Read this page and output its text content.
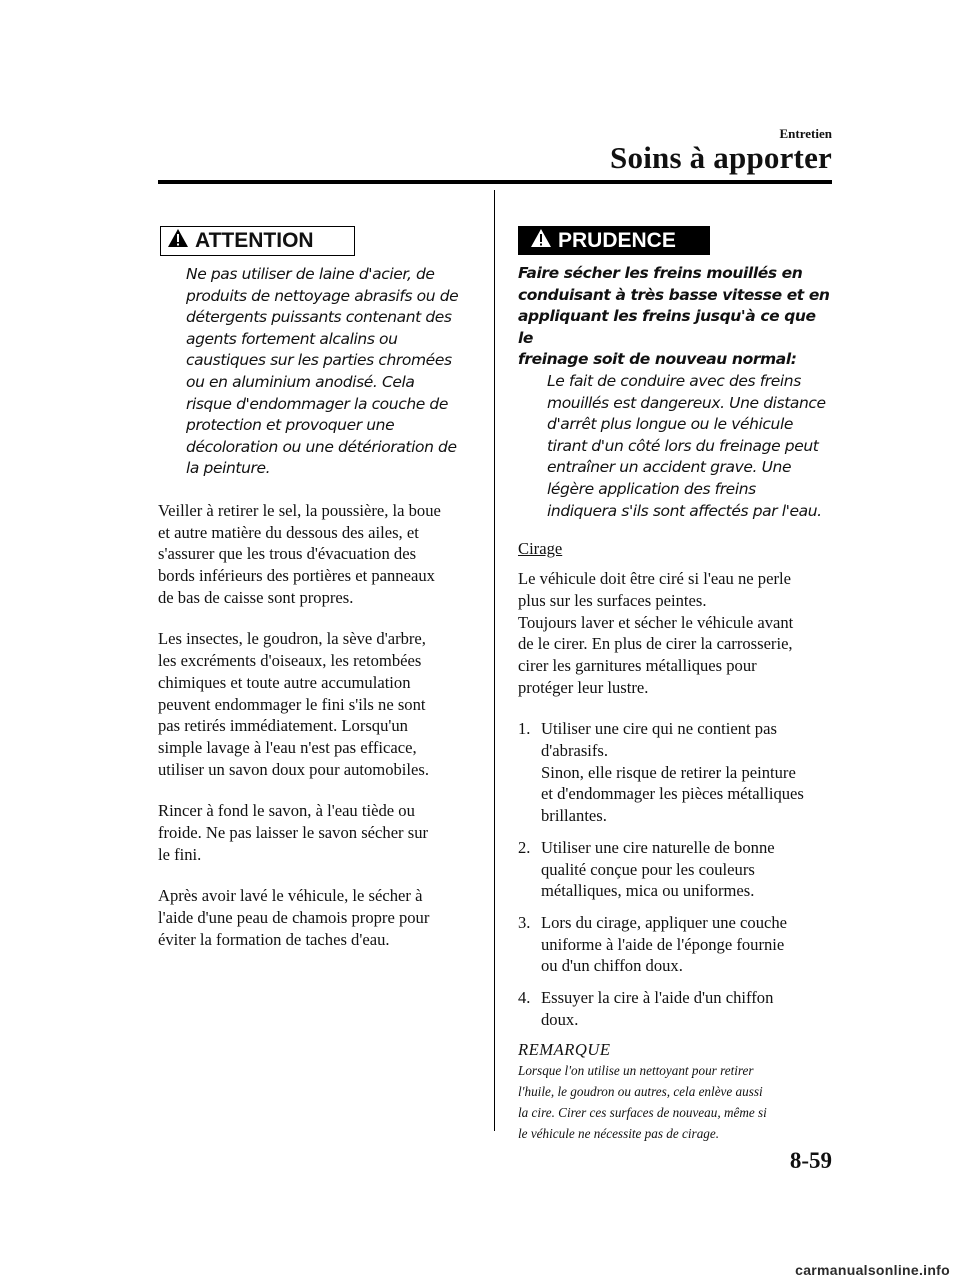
Entretien
Soins à apporter
ATTENTION
Ne pas utiliser de laine d'acier, de
produits de nettoyage abrasifs ou de
détergents puissants contenant des
agents fortement alcalins ou
caustiques sur les parties chromées
ou en aluminium anodisé. Cela
risque d'endommager la couche de
protection et provoquer une
décoloration ou une détérioration de
la peinture.
Veiller à retirer le sel, la poussière, la boue
et autre matière du dessous des ailes, et
s'assurer que les trous d'évacuation des
bords inférieurs des portières et panneaux
de bas de caisse sont propres.
Les insectes, le goudron, la sève d'arbre,
les excréments d'oiseaux, les retombées
chimiques et toute autre accumulation
peuvent endommager le fini s'ils ne sont
pas retirés immédiatement. Lorsqu'un
simple lavage à l'eau n'est pas efficace,
utiliser un savon doux pour automobiles.
Rincer à fond le savon, à l'eau tiède ou
froide. Ne pas laisser le savon sécher sur
le fini.
Après avoir lavé le véhicule, le sécher à
l'aide d'une peau de chamois propre pour
éviter la formation de taches d'eau.
PRUDENCE
Faire sécher les freins mouillés en
conduisant à très basse vitesse et en
appliquant les freins jusqu'à ce que le
freinage soit de nouveau normal:
Le fait de conduire avec des freins
mouillés est dangereux. Une distance
d'arrêt plus longue ou le véhicule
tirant d'un côté lors du freinage peut
entraîner un accident grave. Une
légère application des freins
indiquera s'ils sont affectés par l'eau.
Cirage
Le véhicule doit être ciré si l'eau ne perle
plus sur les surfaces peintes.
Toujours laver et sécher le véhicule avant
de le cirer. En plus de cirer la carrosserie,
cirer les garnitures métalliques pour
protéger leur lustre.
1. Utiliser une cire qui ne contient pas
d'abrasifs.
Sinon, elle risque de retirer la peinture
et d'endommager les pièces métalliques
brillantes.
2. Utiliser une cire naturelle de bonne
qualité conçue pour les couleurs
métalliques, mica ou uniformes.
3. Lors du cirage, appliquer une couche
uniforme à l'aide de l'éponge fournie
ou d'un chiffon doux.
4. Essuyer la cire à l'aide d'un chiffon
doux.
REMARQUE
Lorsque l'on utilise un nettoyant pour retirer
l'huile, le goudron ou autres, cela enlève aussi
la cire. Cirer ces surfaces de nouveau, même si
le véhicule ne nécessite pas de cirage.
8-59
carmanualsonline.info
